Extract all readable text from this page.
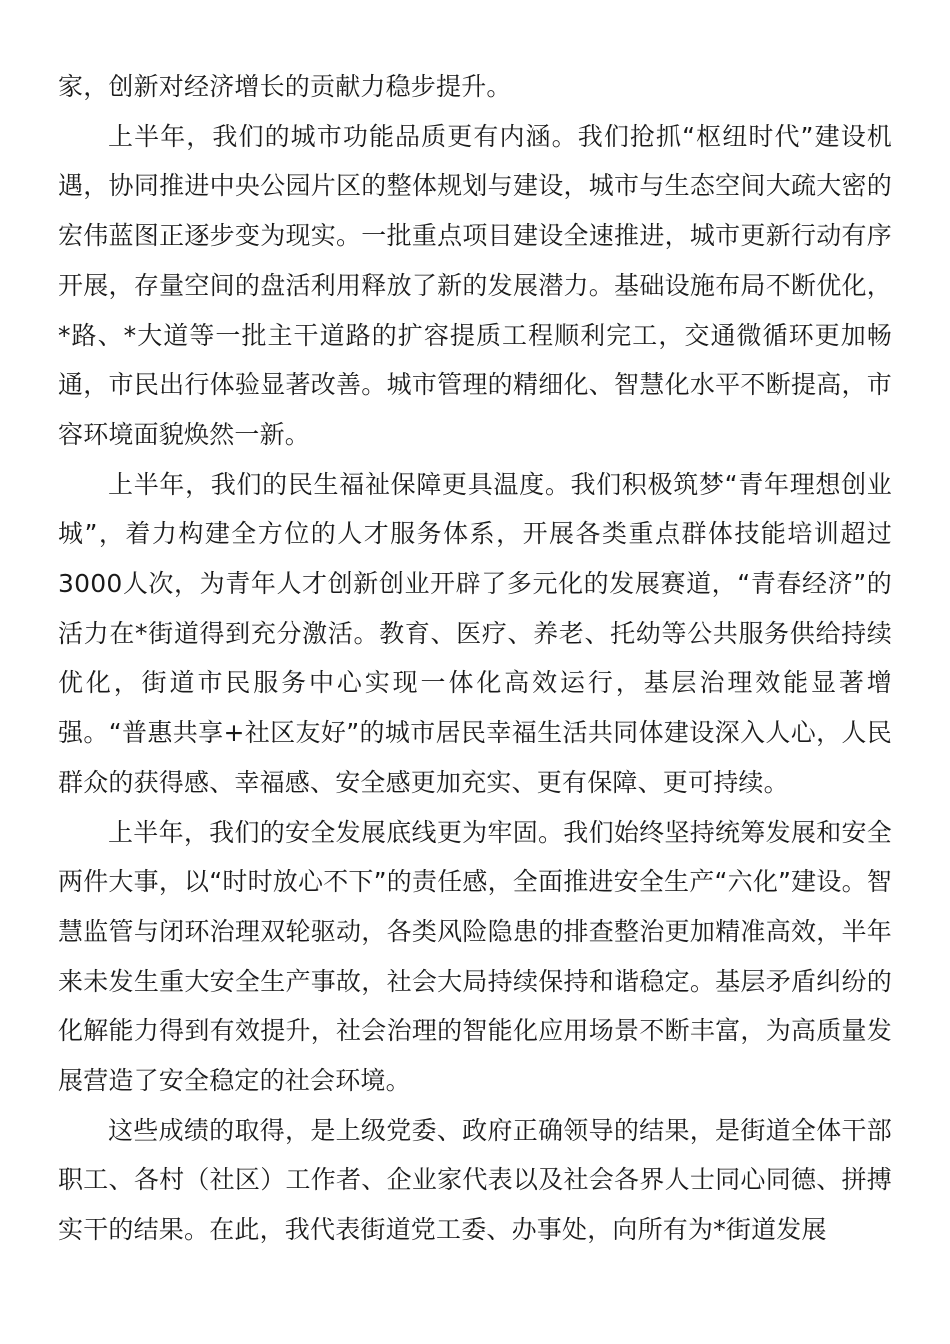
家，创新对经济增长的贡献力稳步提升。

上半年，我们的城市功能品质更有内涵。我们抢抓“枢纽时代”建设机遇，协同推进中央公园片区的整体规划与建设，城市与生态空间大疏大密的宏伟蓝图正逐步变为现实。一批重点项目建设全速推进，城市更新行动有序开展，存量空间的盘活利用释放了新的发展潜力。基础设施布局不断优化，*路、*大道等一批主干道路的扩容提质工程顺利完工，交通微循环更加畅通，市民出行体验显著改善。城市管理的精细化、智慧化水平不断提高，市容环境面貌焕然一新。

上半年，我们的民生福祉保障更具温度。我们积极筑梦“青年理想创业城”，着力构建全方位的人才服务体系，开展各类重点群体技能培训超过3000人次，为青年人才创新创业开辟了多元化的发展赛道，“青春经济”的活力在*街道得到充分激活。教育、医疗、养老、托幼等公共服务供给持续优化，街道市民服务中心实现一体化高效运行，基层治理效能显著增强。“普惠共享+社区友好”的城市居民幸福生活共同体建设深入人心，人民群众的获得感、幸福感、安全感更加充实、更有保障、更可持续。

上半年，我们的安全发展底线更为牢固。我们始终坚持统筹发展和安全两件大事，以“时时放心不下”的责任感，全面推进安全生产“六化”建设。智慧监管与闭环治理双轮驱动，各类风险隐患的排查整治更加精准高效，半年来未发生重大安全生产事故，社会大局持续保持和谐稳定。基层矛盾纠纷的化解能力得到有效提升，社会治理的智能化应用场景不断丰富，为高质量发展营造了安全稳定的社会环境。

这些成绩的取得，是上级党委、政府正确领导的结果，是街道全体干部职工、各村（社区）工作者、企业家代表以及社会各界人士同心同德、拼搏实干的结果。在此，我代表街道党工委、办事处，向所有为*街道发展
